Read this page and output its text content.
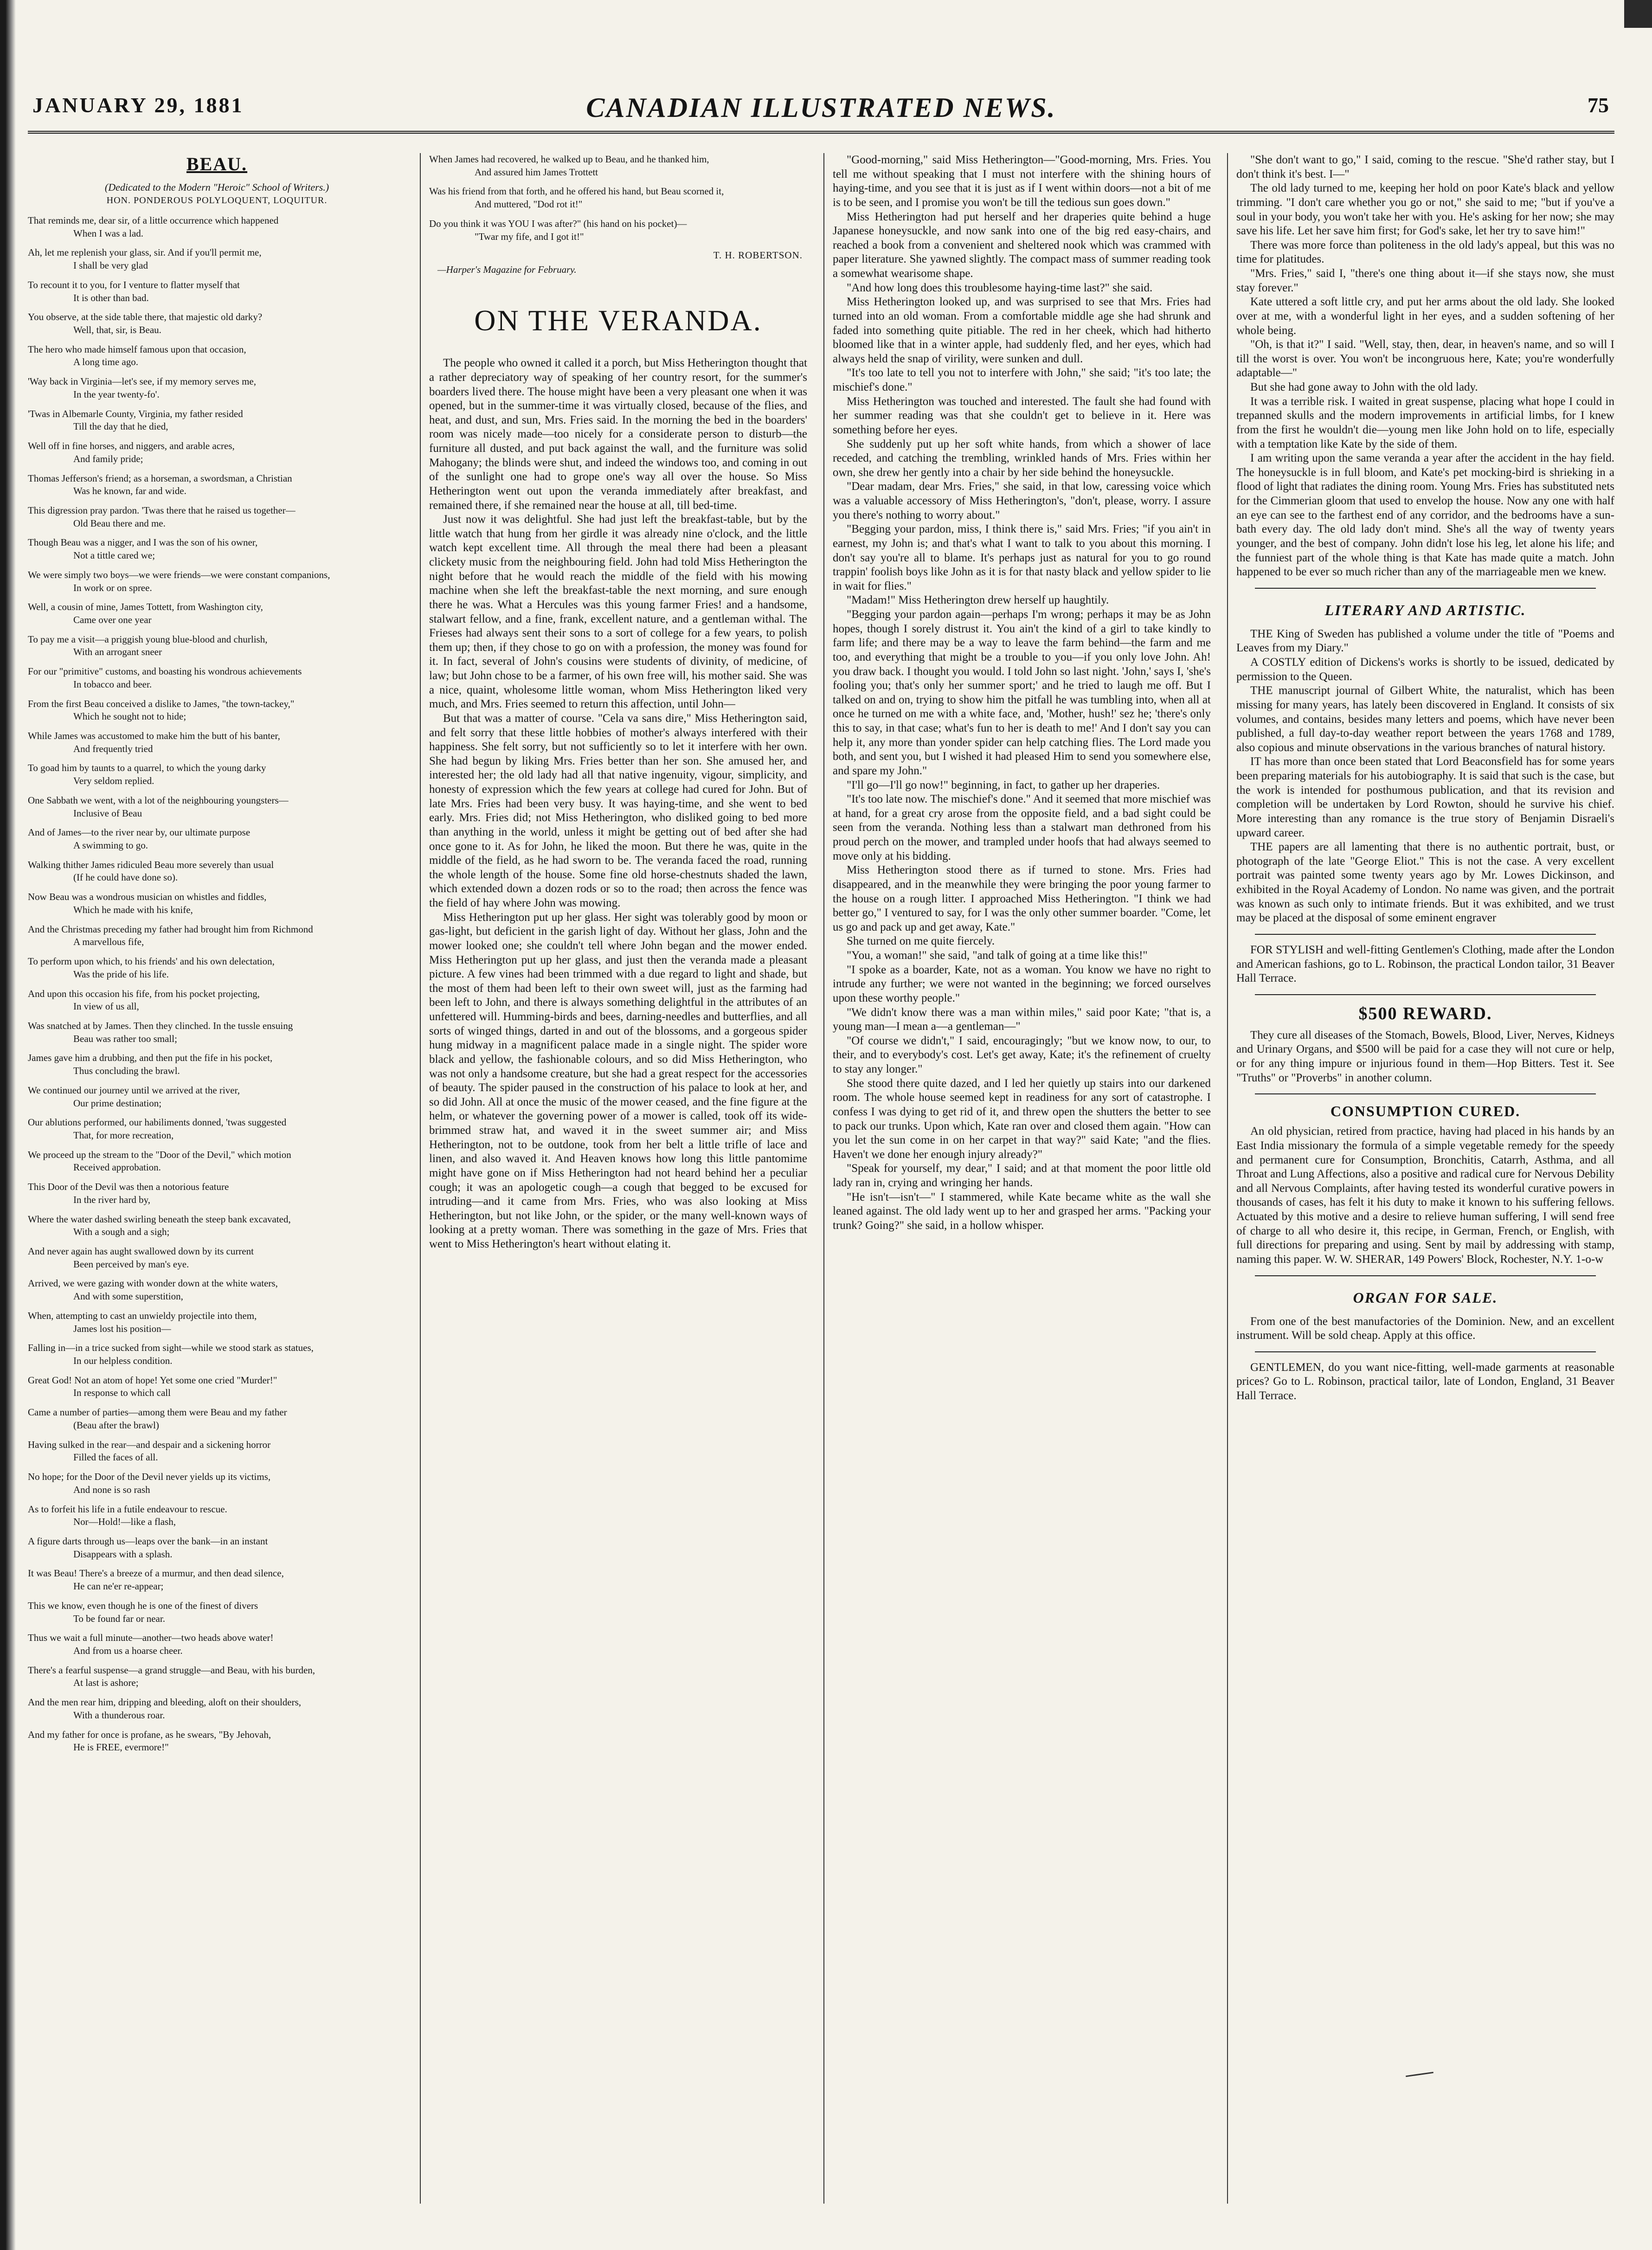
JANUARY 29, 1881	CANADIAN ILLUSTRATED NEWS.	75
BEAU.
(Dedicated to the Modern "Heroic" School of Writers.)
HON. PONDEROUS POLYLOQUENT, LOQUITUR.
That reminds me, dear sir, of a little occurrence which happened
When I was a lad.
Ah, let me replenish your glass, sir. And if you'll permit me,
I shall be very glad
To recount it to you, for I venture to flatter myself that
It is other than bad.
You observe, at the side table there, that majestic old darky?
Well, that, sir, is Beau.
The hero who made himself famous upon that occasion,
A long time ago.
'Way back in Virginia—let's see, if my memory serves me,
In the year twenty-fo'.
'Twas in Albemarle County, Virginia, my father resided
Till the day that he died,
Well off in fine horses, and niggers, and arable acres,
And family pride;
Thomas Jefferson's friend; as a horseman, a swordsman, a Christian
Was he known, far and wide.
This digression pray pardon. 'Twas there that he raised us together—
Old Beau there and me.
Though Beau was a nigger, and I was the son of his owner,
Not a tittle cared we;
We were simply two boys—we were friends—we were constant companions,
In work or on spree.
Well, a cousin of mine, James Tottett, from Washington city,
Came over one year
To pay me a visit—a priggish young blue-blood and churlish,
With an arrogant sneer
For our "primitive" customs, and boasting his wondrous achievements
In tobacco and beer.
From the first Beau conceived a dislike to James, "the town-tackey,"
Which he sought not to hide;
While James was accustomed to make him the butt of his banter,
And frequently tried
To goad him by taunts to a quarrel, to which the young darky
Very seldom replied.
One Sabbath we went, with a lot of the neighbouring youngsters—
Inclusive of Beau
And of James—to the river near by, our ultimate purpose
A swimming to go.
Walking thither James ridiculed Beau more severely than usual
(If he could have done so).
Now Beau was a wondrous musician on whistles and fiddles,
Which he made with his knife,
And the Christmas preceding my father had brought him from Richmond
A marvellous fife,
To perform upon which, to his friends' and his own delectation,
Was the pride of his life.
And upon this occasion his fife, from his pocket projecting,
In view of us all,
Was snatched at by James. Then they clinched. In the tussle ensuing
Beau was rather too small;
James gave him a drubbing, and then put the fife in his pocket,
Thus concluding the brawl.
We continued our journey until we arrived at the river,
Our prime destination;
Our ablutions performed, our habiliments donned, 'twas suggested
That, for more recreation,
We proceed up the stream to the "Door of the Devil," which motion
Received approbation.
This Door of the Devil was then a notorious feature
In the river hard by,
Where the water dashed swirling beneath the steep bank excavated,
With a sough and a sigh;
And never again has aught swallowed down by its current
Been perceived by man's eye.
Arrived, we were gazing with wonder down at the white waters,
And with some superstition,
When, attempting to cast an unwieldy projectile into them,
James lost his position—
Falling in—in a trice sucked from sight—while we stood stark as statues,
In our helpless condition.
Great God! Not an atom of hope! Yet some one cried "Murder!"
In response to which call
Came a number of parties—among them were Beau and my father
(Beau after the brawl)
Having sulked in the rear—and despair and a sickening horror
Filled the faces of all.
No hope; for the Door of the Devil never yields up its victims,
And none is so rash
As to forfeit his life in a futile endeavour to rescue.
Nor—Hold!—like a flash,
A figure darts through us—leaps over the bank—in an instant
Disappears with a splash.
It was Beau! There's a breeze of a murmur, and then dead silence,
He can ne'er re-appear;
This we know, even though he is one of the finest of divers
To be found far or near.
Thus we wait a full minute—another—two heads above water!
And from us a hoarse cheer.
There's a fearful suspense—a grand struggle—and Beau, with his burden,
At last is ashore;
And the men rear him, dripping and bleeding, aloft on their shoulders,
With a thunderous roar.
And my father for once is profane, as he swears, "By Jehovah,
He is FREE, evermore!"
When James had recovered, he walked up to Beau, and he thanked him,
And assured him James Trottett
Was his friend from that forth, and he offered his hand, but Beau scorned it,
And muttered, "Dod rot it!"
Do you think it was YOU I was after?" (his hand on his pocket)—
"Twar my fife, and I got it!"
T. H. ROBERTSON.
—Harper's Magazine for February.
ON THE VERANDA.

The people who owned it called it a porch, but Miss Hetherington thought that a rather depreciatory way of speaking of her country resort, for the summer's boarders lived there. The house might have been a very pleasant one when it was opened, but in the summer-time it was virtually closed, because of the flies, and heat, and dust, and sun, Mrs. Fries said. In the morning the bed in the boarders' room was nicely made—too nicely for a considerate person to disturb—the furniture all dusted, and put back against the wall, and the furniture was solid Mahogany; the blinds were shut, and indeed the windows too, and coming in out of the sunlight one had to grope one's way all over the house. So Miss Hetherington went out upon the veranda immediately after breakfast, and remained there, if she remained near the house at all, till bed-time.

Just now it was delightful. She had just left the breakfast-table, but by the little watch that hung from her girdle it was already nine o'clock, and the little watch kept excellent time. All through the meal there had been a pleasant clickety music from the neighbouring field. John had told Miss Hetherington the night before that he would reach the middle of the field with his mowing machine when she left the breakfast-table the next morning, and sure enough there he was. What a Hercules was this young farmer Fries! and a handsome, stalwart fellow, and a fine, frank, excellent nature, and a gentleman withal. The Frieses had always sent their sons to a sort of college for a few years, to polish them up; then, if they chose to go on with a profession, the money was found for it. In fact, several of John's cousins were students of divinity, of medicine, of law; but John chose to be a farmer, of his own free will, his mother said. She was a nice, quaint, wholesome little woman, whom Miss Hetherington liked very much, and Mrs. Fries seemed to return this affection, until John—

But that was a matter of course. "Cela va sans dire," Miss Hetherington said, and felt sorry that these little hobbies of mother's always interfered with their happiness. She felt sorry, but not sufficiently so to let it interfere with her own. She had begun by liking Mrs. Fries better than her son. She amused her, and interested her; the old lady had all that native ingenuity, vigour, simplicity, and honesty of expression which the few years at college had cured for John. But of late Mrs. Fries had been very busy. It was haying-time, and she went to bed early. Mrs. Fries did; not Miss Hetherington, who disliked going to bed more than anything in the world, unless it might be getting out of bed after she had once gone to it. As for John, he liked the moon. But there he was, quite in the middle of the field, as he had sworn to be. The veranda faced the road, running the whole length of the house. Some fine old horse-chestnuts shaded the lawn, which extended down a dozen rods or so to the road; then across the fence was the field of hay where John was mowing.

Miss Hetherington put up her glass. Her sight was tolerably good by moon or gas-light, but deficient in the garish light of day. Without her glass, John and the mower looked one; she couldn't tell where John began and the mower ended. Miss Hetherington put up her glass, and just then the veranda made a pleasant picture. A few vines had been trimmed with a due regard to light and shade, but the most of them had been left to their own sweet will, just as the farming had been left to John, and there is always something delightful in the attributes of an unfettered will. Humming-birds and bees, darning-needles and butterflies, and all sorts of winged things, darted in and out of the blossoms, and a gorgeous spider hung midway in a magnificent palace made in a single night. The spider wore black and yellow, the fashionable colours, and so did Miss Hetherington, who was not only a handsome creature, but she had a great respect for the accessories of beauty. The spider paused in the construction of his palace to look at her, and so did John. All at once the music of the mower ceased, and the fine figure at the helm, or whatever the governing power of a mower is called, took off its wide-brimmed straw hat, and waved it in the sweet summer air; and Miss Hetherington, not to be outdone, took from her belt a little trifle of lace and linen, and also waved it. And Heaven knows how long this little pantomime might have gone on if Miss Hetherington had not heard behind her a peculiar cough; it was an apologetic cough—a cough that begged to be excused for intruding—and it came from Mrs. Fries, who was also looking at Miss Hetherington, but not like John, or the spider, or the many well-known ways of looking at a pretty woman. There was something in the gaze of Mrs. Fries that went to Miss Hetherington's heart without elating it.

"Good-morning," said Miss Hetherington—"Good-morning, Mrs. Fries. You tell me without speaking that I must not interfere with the shining hours of haying-time, and you see that it is just as if I went within doors—not a bit of me is to be seen, and I promise you won't be till the tedious sun goes down."

Miss Hetherington had put herself and her draperies quite behind a huge Japanese honeysuckle, and now sank into one of the big red easy-chairs, and reached a book from a convenient and sheltered nook which was crammed with paper literature. She yawned slightly. The compact mass of summer reading took a somewhat wearisome shape.

"And how long does this troublesome haying-time last?" she said.

Miss Hetherington looked up, and was surprised to see that Mrs. Fries had turned into an old woman. From a comfortable middle age she had shrunk and faded into something quite pitiable. The red in her cheek, which had hitherto bloomed like that in a winter apple, had suddenly fled, and her eyes, which had always held the snap of virility, were sunken and dull.

"It's too late to tell you not to interfere with John," she said; "it's too late; the mischief's done."

Miss Hetherington was touched and interested. The fault she had found with her summer reading was that she couldn't get to believe in it. Here was something before her eyes.

She suddenly put up her soft white hands, from which a shower of lace receded, and catching the trembling, wrinkled hands of Mrs. Fries within her own, she drew her gently into a chair by her side behind the honeysuckle.

"Dear madam, dear Mrs. Fries," she said, in that low, caressing voice which was a valuable accessory of Miss Hetherington's, "don't, please, worry. I assure you there's nothing to worry about."

"Begging your pardon, miss, I think there is," said Mrs. Fries; "if you ain't in earnest, my John is; and that's what I want to talk to you about this morning. I don't say you're all to blame. It's perhaps just as natural for you to go round trappin' foolish boys like John as it is for that nasty black and yellow spider to lie in wait for flies."

"Madam!" Miss Hetherington drew herself up haughtily.

"Begging your pardon again—perhaps I'm wrong; perhaps it may be as John hopes, though I sorely distrust it. You ain't the kind of a girl to take kindly to farm life; and there may be a way to leave the farm behind—the farm and me too, and everything that might be a trouble to you—if you only love John. Ah! you draw back. I thought you would. I told John so last night. 'John,' says I, 'she's fooling you; that's only her summer sport;' and he tried to laugh me off. But I talked on and on, trying to show him the pitfall he was tumbling into, when all at once he turned on me with a white face, and, 'Mother, hush!' sez he; 'there's only this to say, in that case; what's fun to her is death to me!' And I don't say you can help it, any more than yonder spider can help catching flies. The Lord made you both, and sent you, but I wished it had pleased Him to send you somewhere else, and spare my John."

"I'll go—I'll go now!" beginning, in fact, to gather up her draperies.

"It's too late now. The mischief's done." And it seemed that more mischief was at hand, for a great cry arose from the opposite field, and a bad sight could be seen from the veranda. Nothing less than a stalwart man dethroned from his proud perch on the mower, and trampled under hoofs that had always seemed to move only at his bidding.

Miss Hetherington stood there as if turned to stone. Mrs. Fries had disappeared, and in the meanwhile they were bringing the poor young farmer to the house on a rough litter. I approached Miss Hetherington. "I think we had better go," I ventured to say, for I was the only other summer boarder. "Come, let us go and pack up and get away, Kate."

She turned on me quite fiercely.

"You, a woman!" she said, "and talk of going at a time like this!"

"I spoke as a boarder, Kate, not as a woman. You know we have no right to intrude any further; we were not wanted in the beginning; we forced ourselves upon these worthy people."

"We didn't know there was a man within miles," said poor Kate; "that is, a young man—I mean a—a gentleman—"

"Of course we didn't," I said, encouragingly; "but we know now, to our, to their, and to everybody's cost. Let's get away, Kate; it's the refinement of cruelty to stay any longer."

She stood there quite dazed, and I led her quietly up stairs into our darkened room. The whole house seemed kept in readiness for any sort of catastrophe. I confess I was dying to get rid of it, and threw open the shutters the better to see to pack our trunks. Upon which, Kate ran over and closed them again. "How can you let the sun come in on her carpet in that way?" said Kate; "and the flies. Haven't we done her enough injury already?"

"Speak for yourself, my dear," I said; and at that moment the poor little old lady ran in, crying and wringing her hands.

"He isn't—isn't—" I stammered, while Kate became white as the wall she leaned against. The old lady went up to her and grasped her arms. "Packing your trunk? Going?" she said, in a hollow whisper.

"She don't want to go," I said, coming to the rescue. "She'd rather stay, but I don't think it's best. I—"

The old lady turned to me, keeping her hold on poor Kate's black and yellow trimming. "I don't care whether you go or not," she said to me; "but if you've a soul in your body, you won't take her with you. He's asking for her now; she may save his life. Let her save him first; for God's sake, let her try to save him!"

There was more force than politeness in the old lady's appeal, but this was no time for platitudes.

"Mrs. Fries," said I, "there's one thing about it—if she stays now, she must stay forever."

Kate uttered a soft little cry, and put her arms about the old lady. She looked over at me, with a wonderful light in her eyes, and a sudden softening of her whole being.

"Oh, is that it?" I said. "Well, stay, then, dear, in heaven's name, and so will I till the worst is over. You won't be incongruous here, Kate; you're wonderfully adaptable—"

But she had gone away to John with the old lady.

It was a terrible risk. I waited in great suspense, placing what hope I could in trepanned skulls and the modern improvements in artificial limbs, for I knew from the first he wouldn't die—young men like John hold on to life, especially with a temptation like Kate by the side of them.

I am writing upon the same veranda a year after the accident in the hay field. The honeysuckle is in full bloom, and Kate's pet mocking-bird is shrieking in a flood of light that radiates the dining room. Young Mrs. Fries has substituted nets for the Cimmerian gloom that used to envelop the house. Now any one with half an eye can see to the farthest end of any corridor, and the bedrooms have a sun-bath every day. The old lady don't mind. She's all the way of twenty years younger, and the best of company. John didn't lose his leg, let alone his life; and the funniest part of the whole thing is that Kate has made quite a match. John happened to be ever so much richer than any of the marriageable men we knew.

LITERARY AND ARTISTIC.

THE King of Sweden has published a volume under the title of "Poems and Leaves from my Diary."

A COSTLY edition of Dickens's works is shortly to be issued, dedicated by permission to the Queen.

THE manuscript journal of Gilbert White, the naturalist, which has been missing for many years, has lately been discovered in England. It consists of six volumes, and contains, besides many letters and poems, which have never been published, a full day-to-day weather report between the years 1768 and 1789, also copious and minute observations in the various branches of natural history.

IT has more than once been stated that Lord Beaconsfield has for some years been preparing materials for his autobiography. It is said that such is the case, but the work is intended for posthumous publication, and that its revision and completion will be undertaken by Lord Rowton, should he survive his chief. More interesting than any romance is the true story of Benjamin Disraeli's upward career.

THE papers are all lamenting that there is no authentic portrait, bust, or photograph of the late "George Eliot." This is not the case. A very excellent portrait was painted some twenty years ago by Mr. Lowes Dickinson, and exhibited in the Royal Academy of London. No name was given, and the portrait was known as such only to intimate friends. But it was exhibited, and we trust may be placed at the disposal of some eminent engraver

FOR STYLISH and well-fitting Gentlemen's Clothing, made after the London and American fashions, go to L. Robinson, the practical London tailor, 31 Beaver Hall Terrace.

$500 REWARD.

They cure all diseases of the Stomach, Bowels, Blood, Liver, Nerves, Kidneys and Urinary Organs, and $500 will be paid for a case they will not cure or help, or for any thing impure or injurious found in them—Hop Bitters. Test it. See "Truths" or "Proverbs" in another column.

CONSUMPTION CURED.

An old physician, retired from practice, having had placed in his hands by an East India missionary the formula of a simple vegetable remedy for the speedy and permanent cure for Consumption, Bronchitis, Catarrh, Asthma, and all Throat and Lung Affections, also a positive and radical cure for Nervous Debility and all Nervous Complaints, after having tested its wonderful curative powers in thousands of cases, has felt it his duty to make it known to his suffering fellows. Actuated by this motive and a desire to relieve human suffering, I will send free of charge to all who desire it, this recipe, in German, French, or English, with full directions for preparing and using. Sent by mail by addressing with stamp, naming this paper. W. W. SHERAR, 149 Powers' Block, Rochester, N.Y. 1-o-w

ORGAN FOR SALE.

From one of the best manufactories of the Dominion. New, and an excellent instrument. Will be sold cheap. Apply at this office.

GENTLEMEN, do you want nice-fitting, well-made garments at reasonable prices? Go to L. Robinson, practical tailor, late of London, England, 31 Beaver Hall Terrace.
